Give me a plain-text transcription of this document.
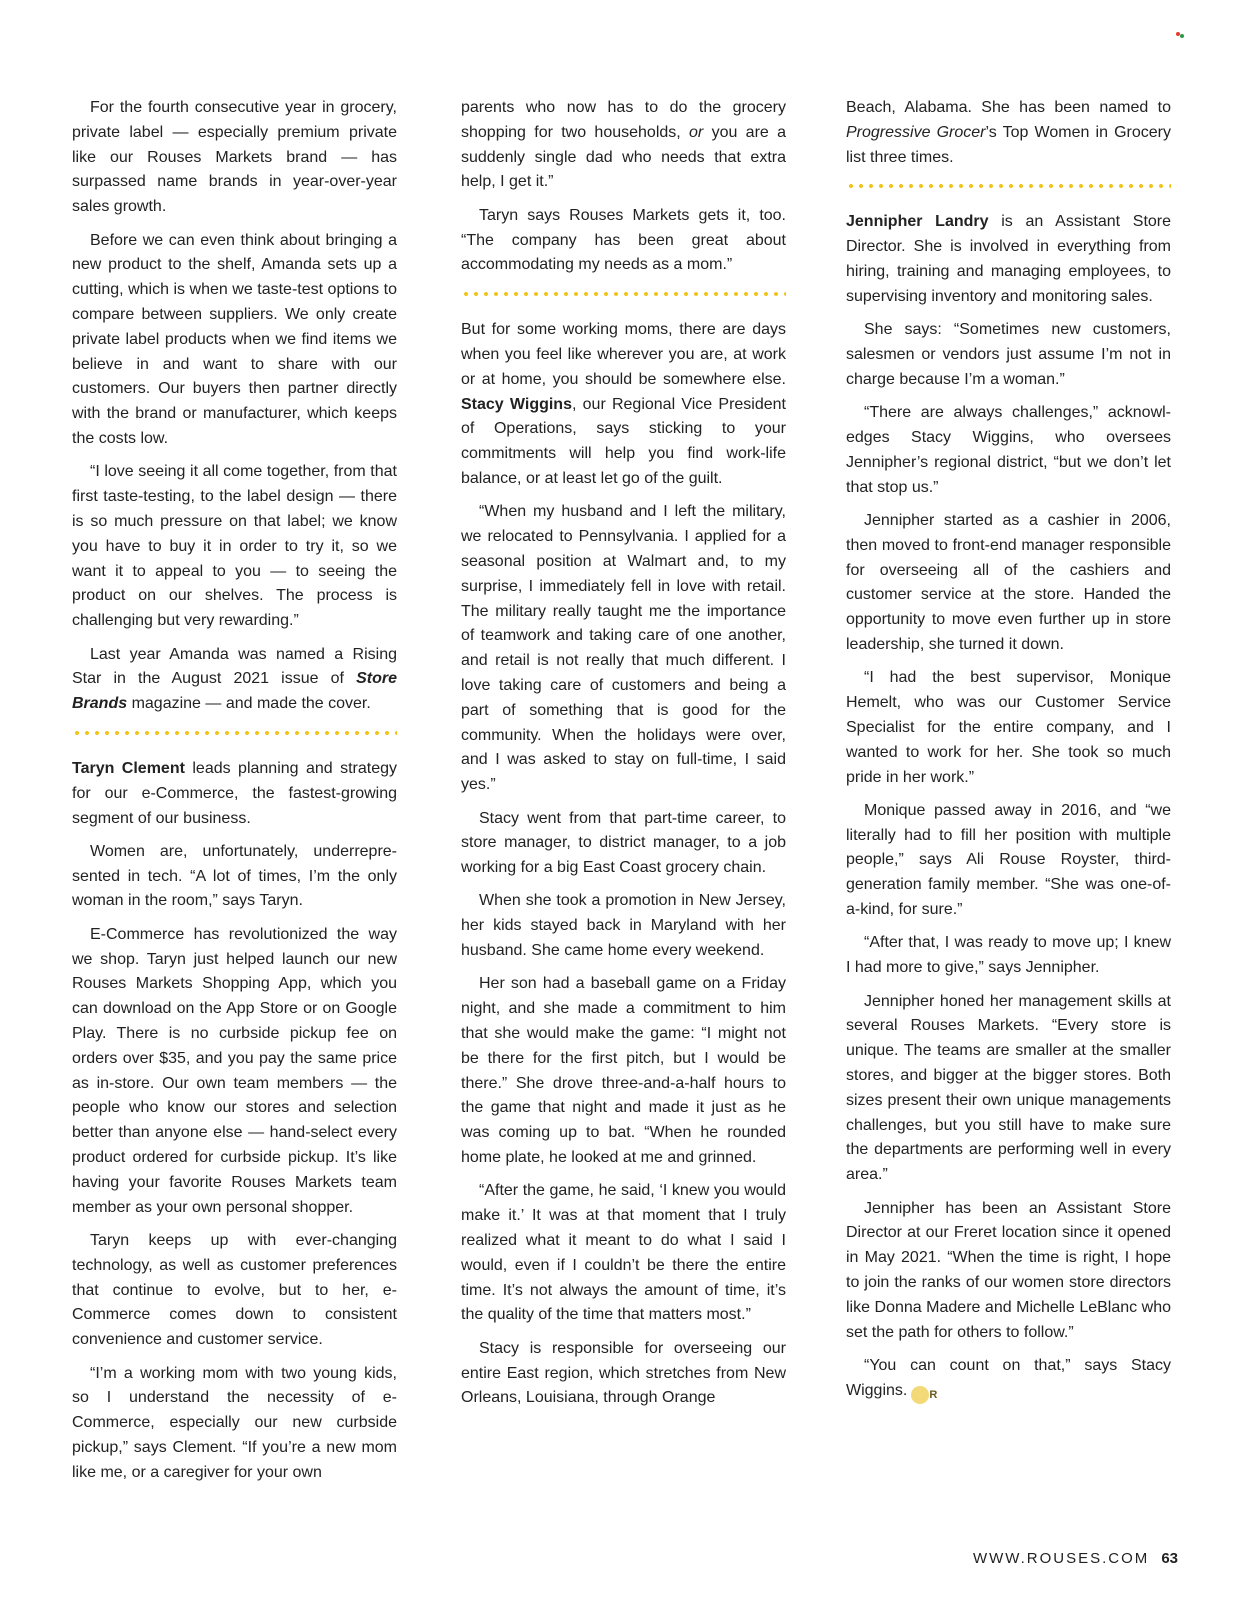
For the fourth consecutive year in grocery, private label — especially premium private like our Rouses Markets brand — has surpassed name brands in year-over-year sales growth.

Before we can even think about bringing a new product to the shelf, Amanda sets up a cutting, which is when we taste-test options to compare between suppliers. We only create private label products when we find items we believe in and want to share with our customers. Our buyers then partner directly with the brand or manufacturer, which keeps the costs low.

“I love seeing it all come together, from that first taste-testing, to the label design — there is so much pressure on that label; we know you have to buy it in order to try it, so we want it to appeal to you — to seeing the product on our shelves. The process is challenging but very rewarding.”

Last year Amanda was named a Rising Star in the August 2021 issue of Store Brands magazine — and made the cover.

Taryn Clement leads planning and strategy for our e-Commerce, the fastest-growing segment of our business.

Women are, unfortunately, underrepresented in tech. “A lot of times, I’m the only woman in the room,” says Taryn.

E-Commerce has revolutionized the way we shop. Taryn just helped launch our new Rouses Markets Shopping App, which you can download on the App Store or on Google Play. There is no curbside pickup fee on orders over $35, and you pay the same price as in-store. Our own team members — the people who know our stores and selection better than anyone else — hand-select every product ordered for curbside pickup. It’s like having your favorite Rouses Markets team member as your own personal shopper.

Taryn keeps up with ever-changing technology, as well as customer preferences that continue to evolve, but to her, e-Commerce comes down to consistent convenience and customer service.

“I’m a working mom with two young kids, so I understand the necessity of e-Commerce, especially our new curbside pickup,” says Clement. “If you’re a new mom like me, or a caregiver for your own

parents who now has to do the grocery shopping for two households, or you are a suddenly single dad who needs that extra help, I get it.”

Taryn says Rouses Markets gets it, too. “The company has been great about accommodating my needs as a mom.”

But for some working moms, there are days when you feel like wherever you are, at work or at home, you should be somewhere else. Stacy Wiggins, our Regional Vice President of Operations, says sticking to your commitments will help you find work-life balance, or at least let go of the guilt.

“When my husband and I left the military, we relocated to Pennsylvania. I applied for a seasonal position at Walmart and, to my surprise, I immediately fell in love with retail. The military really taught me the importance of teamwork and taking care of one another, and retail is not really that much different. I love taking care of customers and being a part of something that is good for the community. When the holidays were over, and I was asked to stay on full-time, I said yes.”

Stacy went from that part-time career, to store manager, to district manager, to a job working for a big East Coast grocery chain.

When she took a promotion in New Jersey, her kids stayed back in Maryland with her husband. She came home every weekend.

Her son had a baseball game on a Friday night, and she made a commitment to him that she would make the game: “I might not be there for the first pitch, but I would be there.” She drove three-and-a-half hours to the game that night and made it just as he was coming up to bat. “When he rounded home plate, he looked at me and grinned.

“After the game, he said, ‘I knew you would make it.’ It was at that moment that I truly realized what it meant to do what I said I would, even if I couldn’t be there the entire time. It’s not always the amount of time, it’s the quality of the time that matters most.”

Stacy is responsible for overseeing our entire East region, which stretches from New Orleans, Louisiana, through Orange

Beach, Alabama. She has been named to Progressive Grocer’s Top Women in Grocery list three times.

Jennipher Landry is an Assistant Store Director. She is involved in everything from hiring, training and managing employees, to supervising inventory and monitoring sales.

She says: “Sometimes new customers, salesmen or vendors just assume I’m not in charge because I’m a woman.”

“There are always challenges,” acknowledges Stacy Wiggins, who oversees Jennipher’s regional district, “but we don’t let that stop us.”

Jennipher started as a cashier in 2006, then moved to front-end manager responsible for overseeing all of the cashiers and customer service at the store. Handed the opportunity to move even further up in store leadership, she turned it down.

“I had the best supervisor, Monique Hemelt, who was our Customer Service Specialist for the entire company, and I wanted to work for her. She took so much pride in her work.”

Monique passed away in 2016, and “we literally had to fill her position with multiple people,” says Ali Rouse Royster, third-generation family member. “She was one-of-a-kind, for sure.”

“After that, I was ready to move up; I knew I had more to give,” says Jennipher.

Jennipher honed her management skills at several Rouses Markets. “Every store is unique. The teams are smaller at the smaller stores, and bigger at the bigger stores. Both sizes present their own unique managements challenges, but you still have to make sure the departments are performing well in every area.”

Jennipher has been an Assistant Store Director at our Freret location since it opened in May 2021. “When the time is right, I hope to join the ranks of our women store directors like Donna Madere and Michelle LeBlanc who set the path for others to follow.”

“You can count on that,” says Stacy Wiggins. R

WWW.ROUSES.COM 63
